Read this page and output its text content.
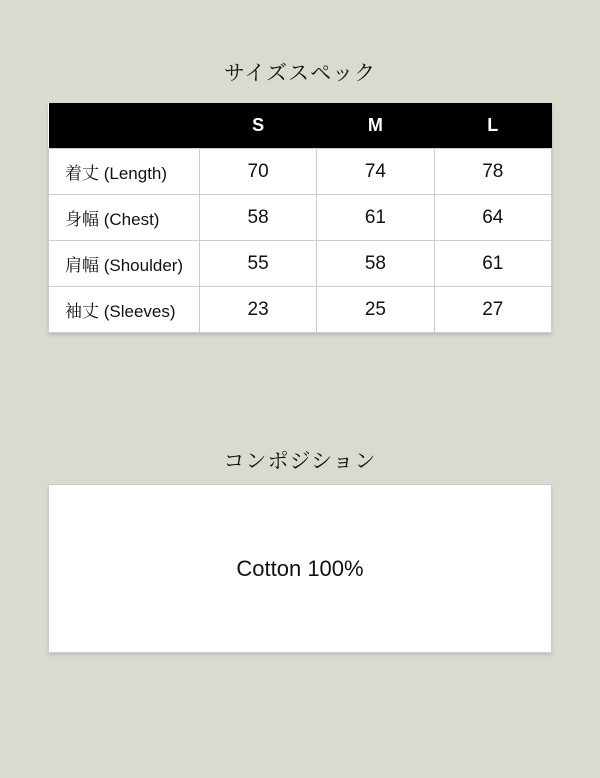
サイズスペック
	S	M	L
着丈 (Length)	70	74	78
身幅 (Chest)	58	61	64
肩幅 (Shoulder)	55	58	61
袖丈 (Sleeves)	23	25	27
コンポジション
Cotton 100%
